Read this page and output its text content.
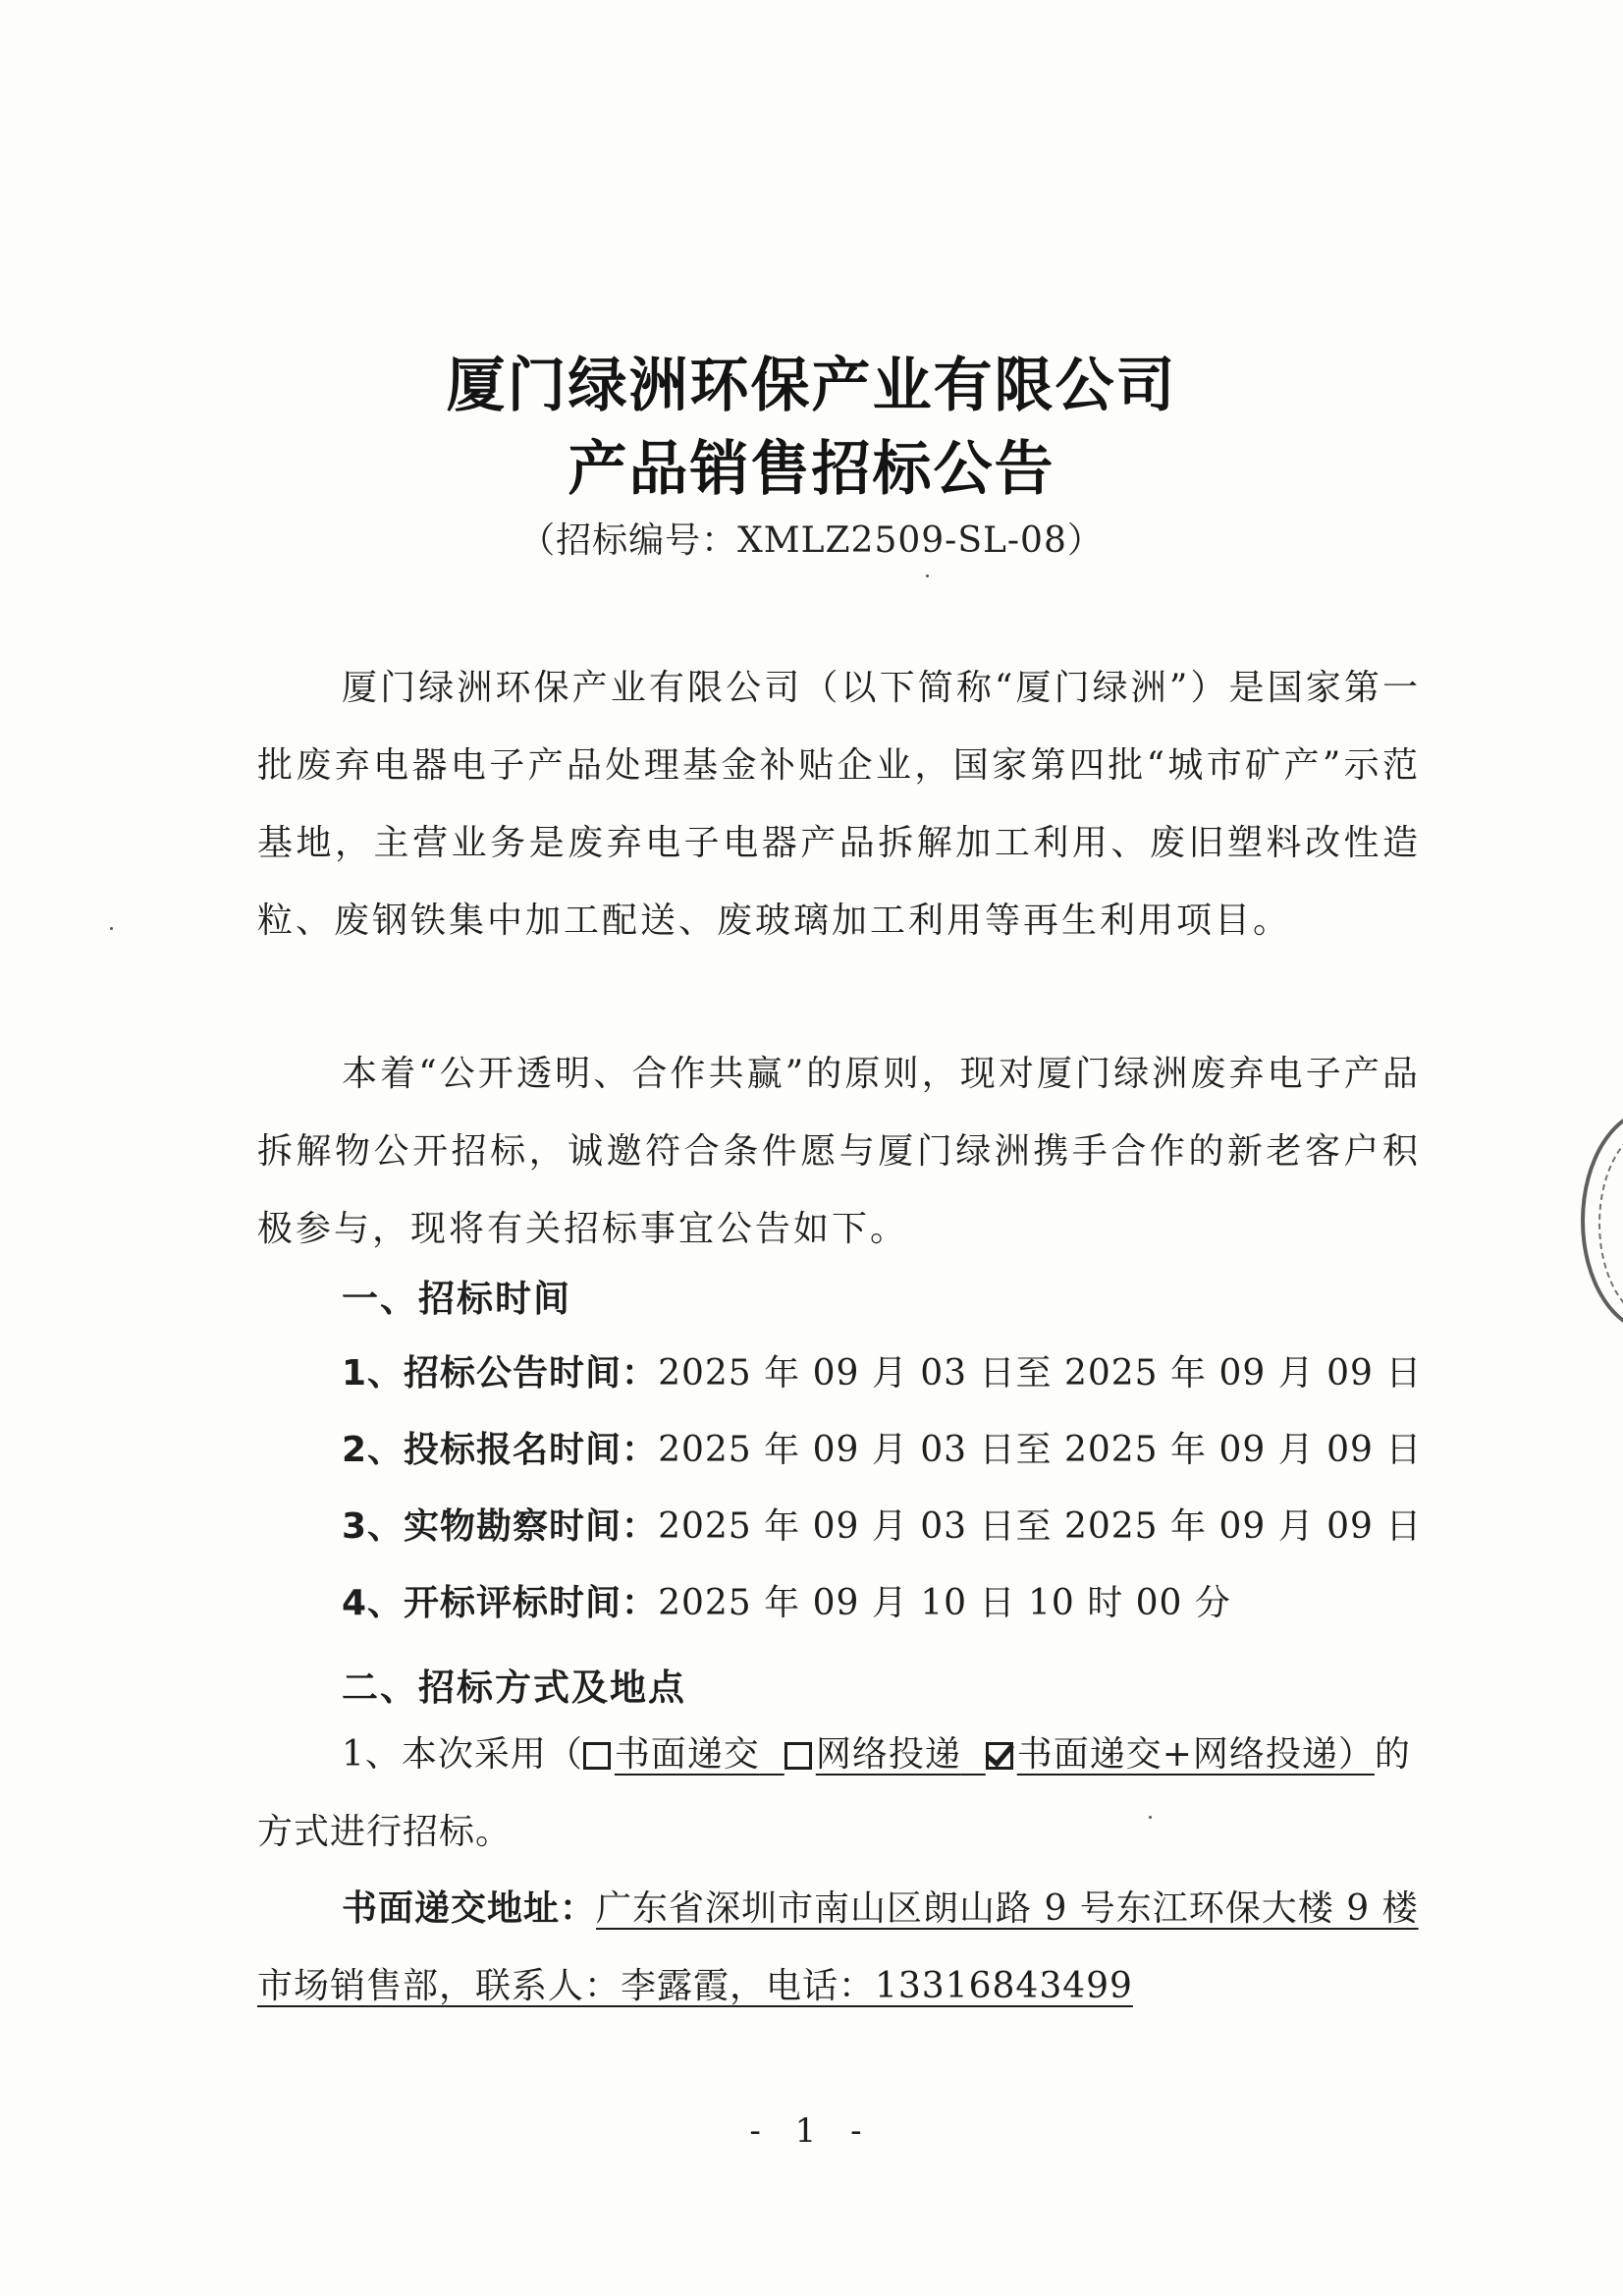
厦门绿洲环保产业有限公司
产品销售招标公告
（招标编号：XMLZ2509-SL-08）
厦门绿洲环保产业有限公司（以下简称“厦门绿洲”）是国家第一批废弃电器电子产品处理基金补贴企业，国家第四批“城市矿产”示范基地，主营业务是废弃电子电器产品拆解加工利用、废旧塑料改性造粒、废钢铁集中加工配送、废玻璃加工利用等再生利用项目。
本着“公开透明、合作共赢”的原则，现对厦门绿洲废弃电子产品拆解物公开招标，诚邀符合条件愿与厦门绿洲携手合作的新老客户积极参与，现将有关招标事宜公告如下。
一、招标时间
1、招标公告时间：2025 年 09 月 03 日至 2025 年 09 月 09 日
2、投标报名时间：2025 年 09 月 03 日至 2025 年 09 月 09 日
3、实物勘察时间：2025 年 09 月 03 日至 2025 年 09 月 09 日
4、开标评标时间：2025 年 09 月 10 日 10 时 00 分
二、招标方式及地点
1、本次采用（ 书面递交 网络投递 书面递交+网络投递）的方式进行招标。
书面递交地址：广东省深圳市南山区朗山路 9 号东江环保大楼 9 楼市场销售部，联系人：李露霞，电话：13316843499
- 1 -
